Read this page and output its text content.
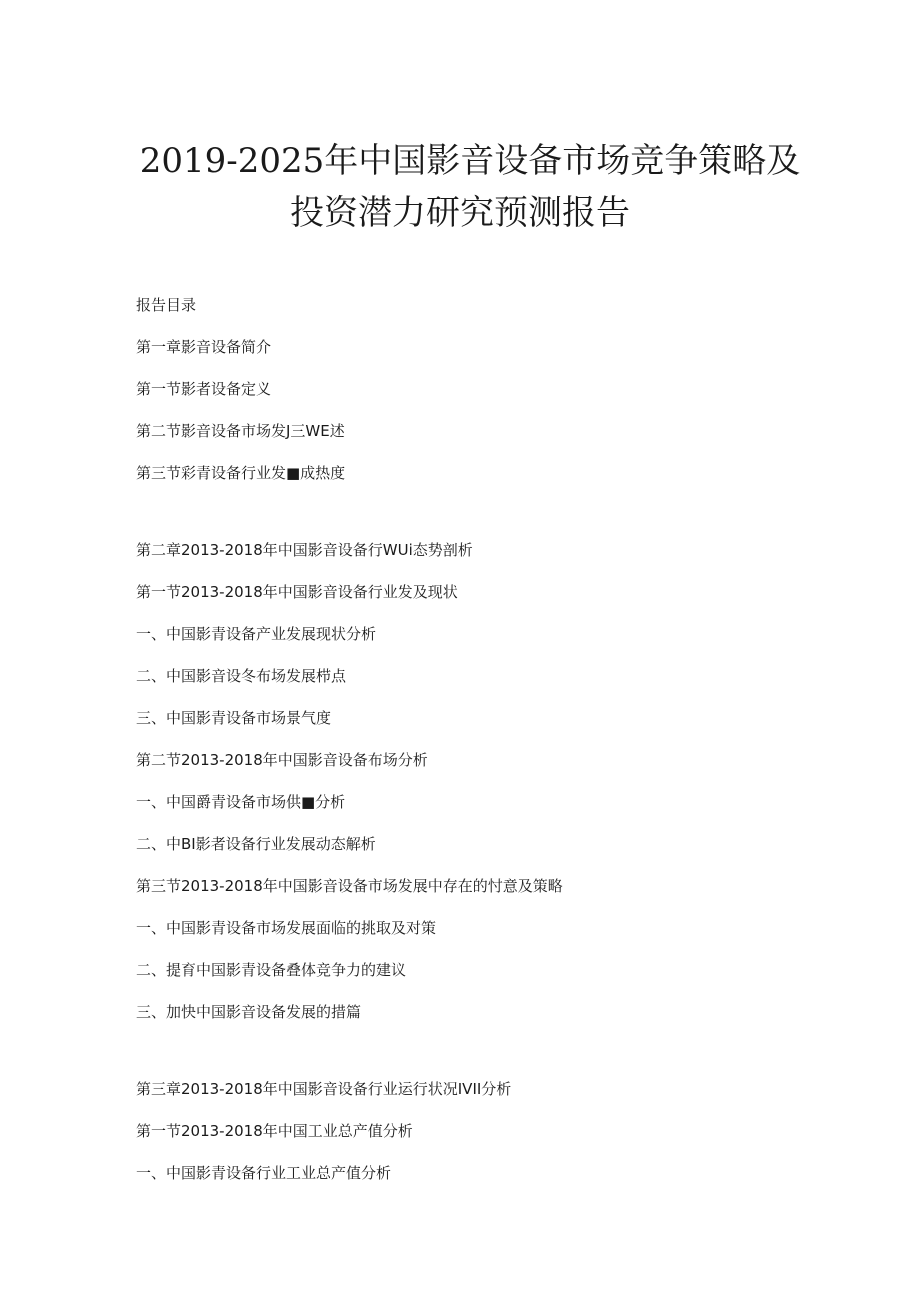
2019-2025年中国影音设备市场竞争策略及
投资潜力研究预测报告
报告目录
第一章影音设备简介
第一节影者设备定义
第二节影音设备市场发J三WE述
第三节彩青设备行业发■成热度
第二章2013-2018年中国影音设备行WUi态势剖析
第一节2013-2018年中国影音设备行业发及现状
一、中国影青设备产业发展现状分析
二、中国影音设冬布场发展栉点
三、中国影青设备市场景气度
第二节2013-2018年中国影音设备布场分析
一、中国爵青设备市场供■分析
二、中BI影者设备行业发展动态解析
第三节2013-2018年中国影音设备市场发展中存在的忖意及策略
一、中国影青设备市场发展面临的挑取及对策
二、提育中国影青设备叠体竞争力的建议
三、加快中国影音设备发展的措篇
第三章2013-2018年中国影音设备行业运行状况IVII分析
第一节2013-2018年中国工业总产值分析
一、中国影青设备行业工业总产值分析
